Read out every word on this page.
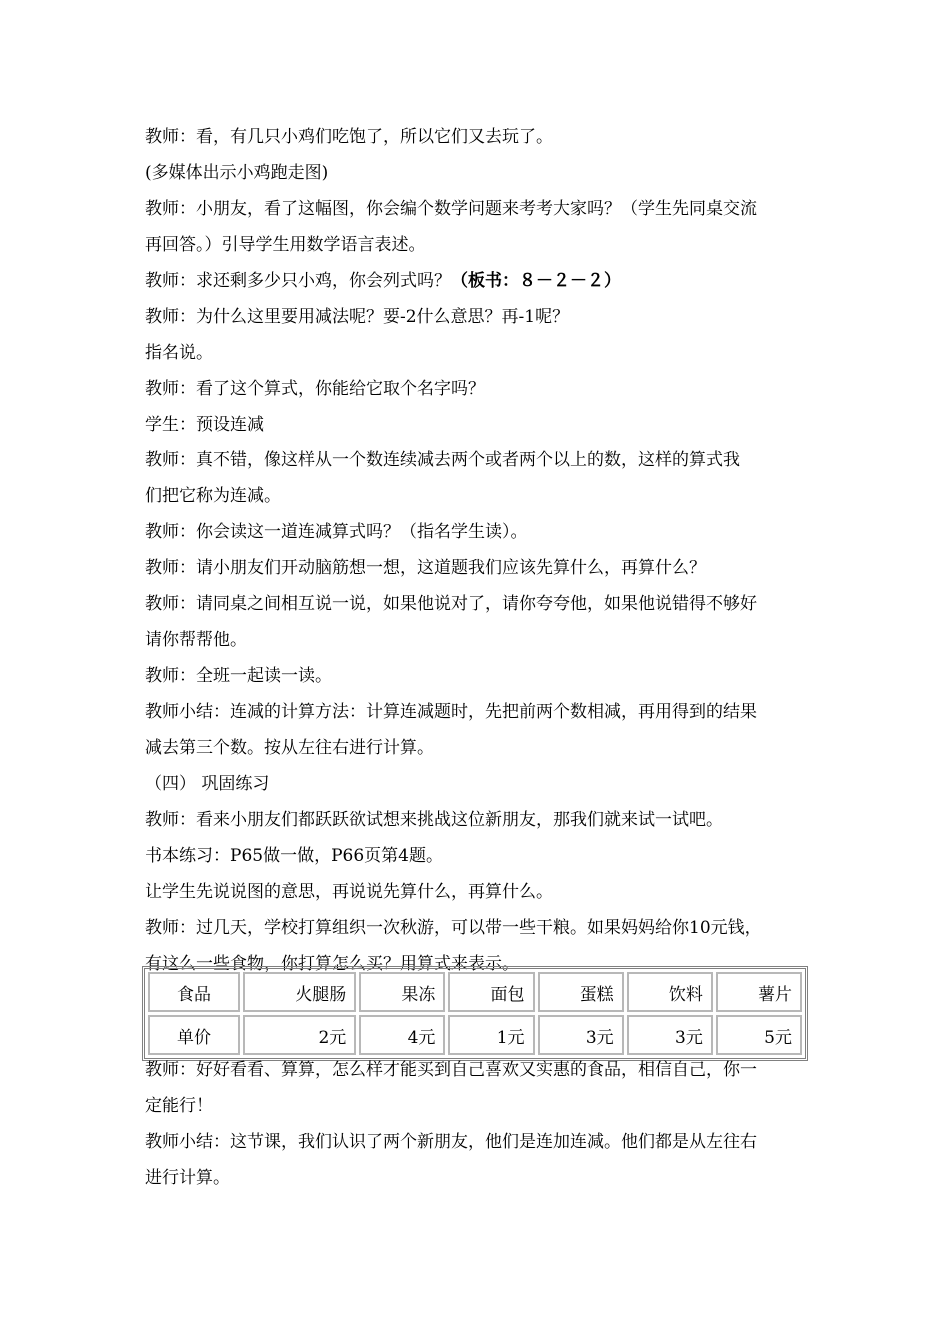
教师：看，有几只小鸡们吃饱了，所以它们又去玩了。
(多媒体出示小鸡跑走图)
教师：小朋友，看了这幅图，你会编个数学问题来考考大家吗？（学生先同桌交流
再回答。）引导学生用数学语言表述。
教师：求还剩多少只小鸡，你会列式吗？（板书：８－２－２）
教师：为什么这里要用减法呢？要-2什么意思？再-1呢？
指名说。
教师：看了这个算式，你能给它取个名字吗？
学生：预设连减
教师：真不错，像这样从一个数连续减去两个或者两个以上的数，这样的算式我
们把它称为连减。
教师：你会读这一道连减算式吗？（指名学生读）。
教师：请小朋友们开动脑筋想一想，这道题我们应该先算什么，再算什么？
教师：请同桌之间相互说一说，如果他说对了，请你夸夸他，如果他说错得不够好
请你帮帮他。
教师：全班一起读一读。
教师小结：连减的计算方法：计算连减题时，先把前两个数相减，再用得到的结果
减去第三个数。按从左往右进行计算。
（四） 巩固练习
教师：看来小朋友们都跃跃欲试想来挑战这位新朋友，那我们就来试一试吧。
书本练习：P65做一做，P66页第4题。
让学生先说说图的意思，再说说先算什么，再算什么。
教师：过几天，学校打算组织一次秋游，可以带一些干粮。如果妈妈给你10元钱，
有这么一些食物，你打算怎么买？用算式来表示。
食品	火腿肠	果冻	面包	蛋糕	饮料	薯片
单价	2元	4元	1元	3元	3元	5元
教师：好好看看、算算，怎么样才能买到自己喜欢又实惠的食品，相信自己，你一
定能行！
教师小结：这节课，我们认识了两个新朋友，他们是连加连减。他们都是从左往右
进行计算。
